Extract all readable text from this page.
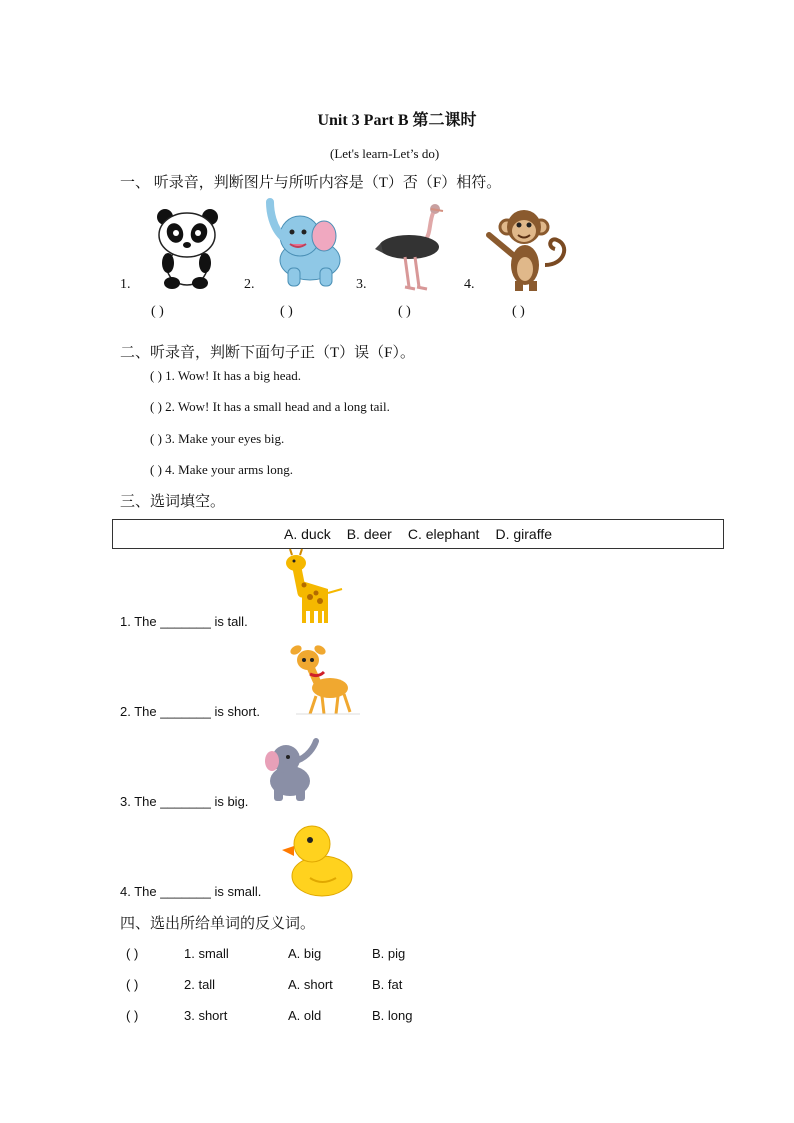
Unit 3 Part B 第二课时
(Let's learn-Let’s do)
一、 听录音，判断图片与所听内容是（T）否（F）相符。
1.	2.	3.	4.
( )	( )	( )	( )
二、听录音，判断下面句子正（T）误（F）。
( ) 1. Wow! It has a big head.
( ) 2. Wow! It has a small head and a long tail.
( ) 3. Make your eyes big.
( ) 4. Make your arms long.
三、选词填空。
A. duck B. deer C. elephant D. giraffe
1. The _______ is tall.
2. The _______ is short.
3. The _______ is big.
4. The _______ is small.
四、选出所给单词的反义词。
( )	1. small	A. big	B. pig
( )	2. tall	A. short	B. fat
( )	3. short	A. old	B. long
